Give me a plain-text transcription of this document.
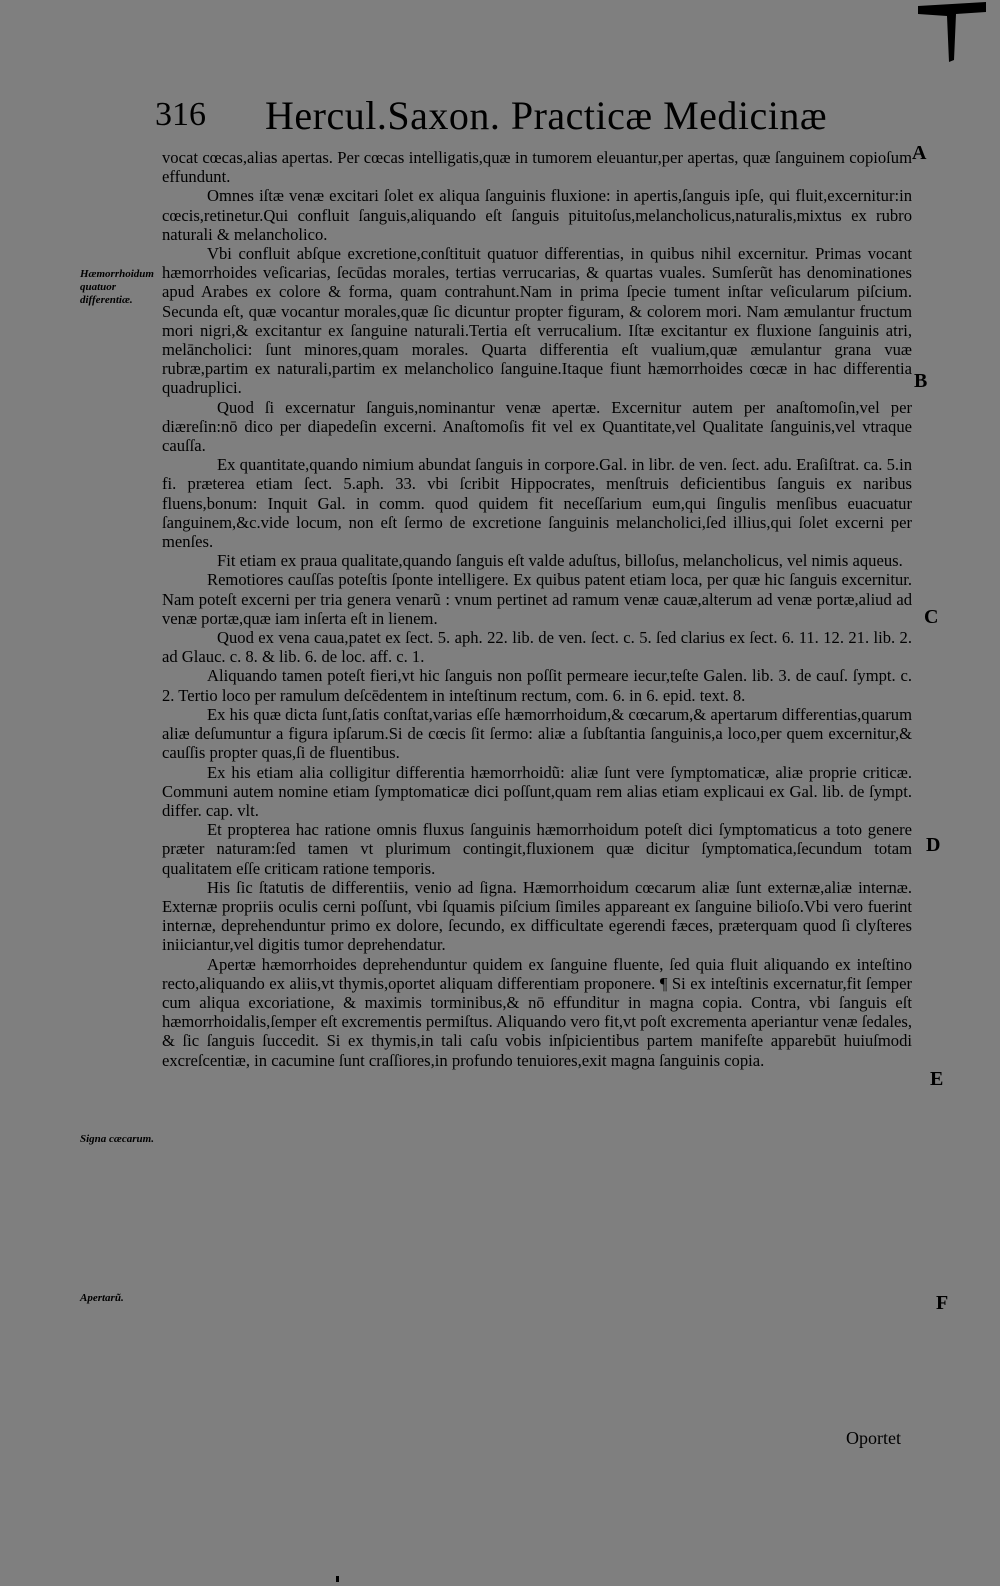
316 Hercul.Saxon. Practicæ Medicinæ
Hæmorrhoidum quatuor differentiæ.
Signa cæcarum.
Apertarũ.
A
B
C
D
E
F

vocat cœcas,alias apertas. Per cœcas intelligatis,quæ in tumorem eleuantur,per apertas, quæ ſanguinem copioſum effundunt.

Omnes iſtæ venæ excitari ſolet ex aliqua ſanguinis fluxione: in apertis,ſanguis ipſe, qui fluit,excernitur:in cœcis,retinetur.Qui confluit ſanguis,aliquando eſt ſanguis pituitoſus,melancholicus,naturalis,mixtus ex rubro naturali & melancholico.

Vbi confluit abſque excretione,conſtituit quatuor differentias, in quibus nihil excernitur. Primas vocant hæmorrhoides veſicarias, ſecūdas morales, tertias verrucarias, & quartas vuales. Sumſerũt has denominationes apud Arabes ex colore & forma, quam contrahunt.Nam in prima ſpecie tument inſtar veſicularum piſcium. Secunda eſt, quæ vocantur morales,quæ ſic dicuntur propter figuram, & colorem mori. Nam æmulantur fructum mori nigri,& excitantur ex ſanguine naturali.Tertia eſt verrucalium. Iſtæ excitantur ex fluxione ſanguinis atri, melāncholici: ſunt minores,quam morales. Quarta differentia eſt vualium,quæ æmulantur grana vuæ rubræ,partim ex naturali,partim ex melancholico ſanguine.Itaque fiunt hæmorrhoides cœcæ in hac differentia quadruplici.

Quod ſi excernatur ſanguis,nominantur venæ apertæ. Excernitur autem per anaſtomoſin,vel per diæreſin:nō dico per diapedeſin excerni. Anaſtomoſis fit vel ex Quantitate,vel Qualitate ſanguinis,vel vtraque cauſſa.

Ex quantitate,quando nimium abundat ſanguis in corpore.Gal. in libr. de ven. ſect. adu. Eraſiſtrat. ca. 5.in fi. præterea etiam ſect. 5.aph. 33. vbi ſcribit Hippocrates, menſtruis deficientibus ſanguis ex naribus fluens,bonum: Inquit Gal. in comm. quod quidem fit neceſſarium eum,qui ſingulis menſibus euacuatur ſanguinem,&c.vide locum, non eſt ſermo de excretione ſanguinis melancholici,ſed illius,qui ſolet excerni per menſes.

Fit etiam ex praua qualitate,quando ſanguis eſt valde aduſtus, billoſus, melancholicus, vel nimis aqueus.

Remotiores cauſſas poteſtis ſponte intelligere. Ex quibus patent etiam loca, per quæ hic ſanguis excernitur. Nam poteſt excerni per tria genera venarũ : vnum pertinet ad ramum venæ cauæ,alterum ad venæ portæ,aliud ad venæ portæ,quæ iam inſerta eſt in lienem.

Quod ex vena caua,patet ex ſect. 5. aph. 22. lib. de ven. ſect. c. 5. ſed clarius ex ſect. 6. 11. 12. 21. lib. 2. ad Glauc. c. 8. & lib. 6. de loc. aff. c. 1.

Aliquando tamen poteſt fieri,vt hic ſanguis non poſſit permeare iecur,teſte Galen. lib. 3. de cauſ. ſympt. c. 2. Tertio loco per ramulum deſcēdentem in inteſtinum rectum, com. 6. in 6. epid. text. 8.

Ex his quæ dicta ſunt,ſatis conſtat,varias eſſe hæmorrhoidum,& cœcarum,& apertarum differentias,quarum aliæ deſumuntur a figura ipſarum.Si de cœcis ſit ſermo: aliæ a ſubſtantia ſanguinis,a loco,per quem excernitur,& cauſſis propter quas,ſi de fluentibus.

Ex his etiam alia colligitur differentia hæmorrhoidũ: aliæ ſunt vere ſymptomaticæ, aliæ proprie criticæ. Communi autem nomine etiam ſymptomaticæ dici poſſunt,quam rem alias etiam explicaui ex Gal. lib. de ſympt. differ. cap. vlt.

Et propterea hac ratione omnis fluxus ſanguinis hæmorrhoidum poteſt dici ſymptomaticus a toto genere præter naturam:ſed tamen vt plurimum contingit,fluxionem quæ dicitur ſymptomatica,ſecundum totam qualitatem eſſe criticam ratione temporis.

His ſic ſtatutis de differentiis, venio ad ſigna. Hæmorrhoidum cœcarum aliæ ſunt externæ,aliæ internæ. Externæ propriis oculis cerni poſſunt, vbi ſquamis piſcium ſimiles appareant ex ſanguine bilioſo.Vbi vero fuerint internæ, deprehenduntur primo ex dolore, ſecundo, ex difficultate egerendi fæces, præterquam quod ſi clyſteres iniiciantur,vel digitis tumor deprehendatur.

Apertæ hæmorrhoides deprehenduntur quidem ex ſanguine fluente, ſed quia fluit aliquando ex inteſtino recto,aliquando ex aliis,vt thymis,oportet aliquam differentiam proponere. ¶ Si ex inteſtinis excernatur,fit ſemper cum aliqua excoriatione, & maximis torminibus,& nō effunditur in magna copia. Contra, vbi ſanguis eſt hæmorrhoidalis,ſemper eſt excrementis permiſtus. Aliquando vero fit,vt poſt excrementa aperiantur venæ ſedales, & ſic ſanguis ſuccedit. Si ex thymis,in tali caſu vobis inſpicientibus partem manifeſte apparebūt huiuſmodi excreſcentiæ, in cacumine ſunt craſſiores,in profundo tenuiores,exit magna ſanguinis copia.

Oportet
